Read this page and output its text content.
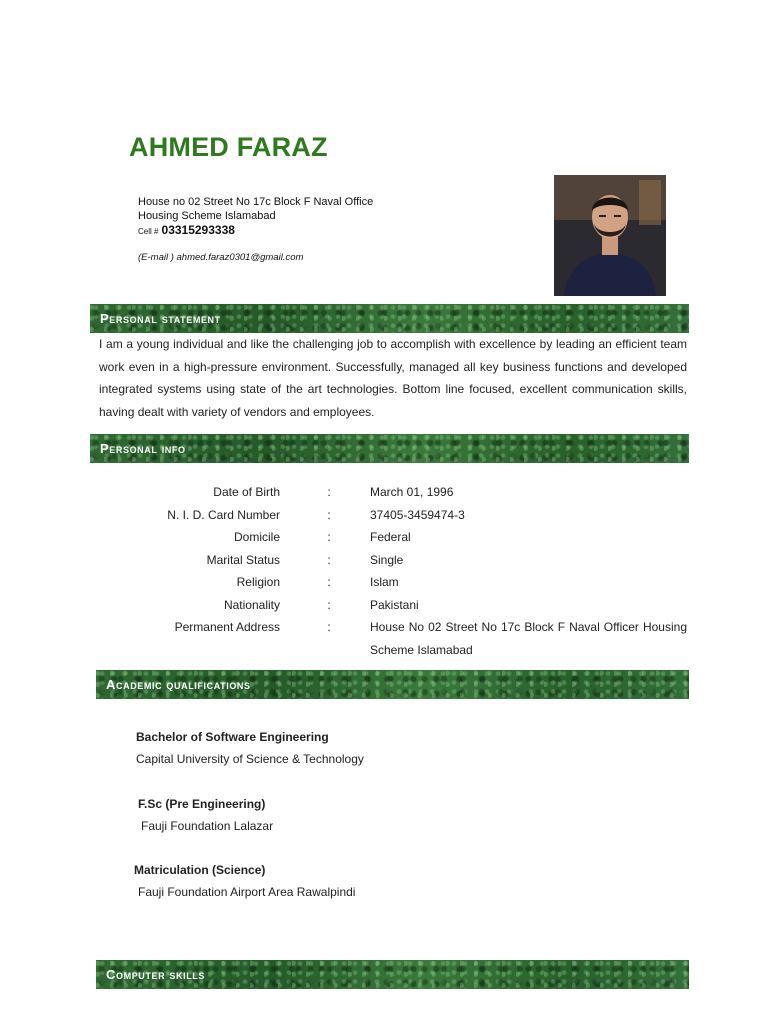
AHMED FARAZ
House no 02 Street No 17c Block F Naval Office
Housing Scheme Islamabad
Cell # 03315293338
(E-mail ) ahmed.faraz0301@gmail.com
Personal statement
I am a young individual and like the challenging job to accomplish with excellence by leading an efficient team work even in a high-pressure environment. Successfully, managed all key business functions and developed integrated systems using state of the art technologies. Bottom line focused, excellent communication skills, having dealt with variety of vendors and employees.
Personal info
Date of Birth	:	March 01, 1996
N. I. D. Card Number	:	37405-3459474-3
Domicile	:	Federal
Marital Status	:	Single
Religion	:	Islam
Nationality	:	Pakistani
Permanent Address	:	House No 02 Street No 17c Block F Naval Officer Housing Scheme Islamabad
Academic qualifications
Bachelor of Software Engineering
Capital University of Science & Technology
F.Sc (Pre Engineering)
Fauji Foundation Lalazar
Matriculation (Science)
Fauji Foundation Airport Area Rawalpindi
Computer skills
